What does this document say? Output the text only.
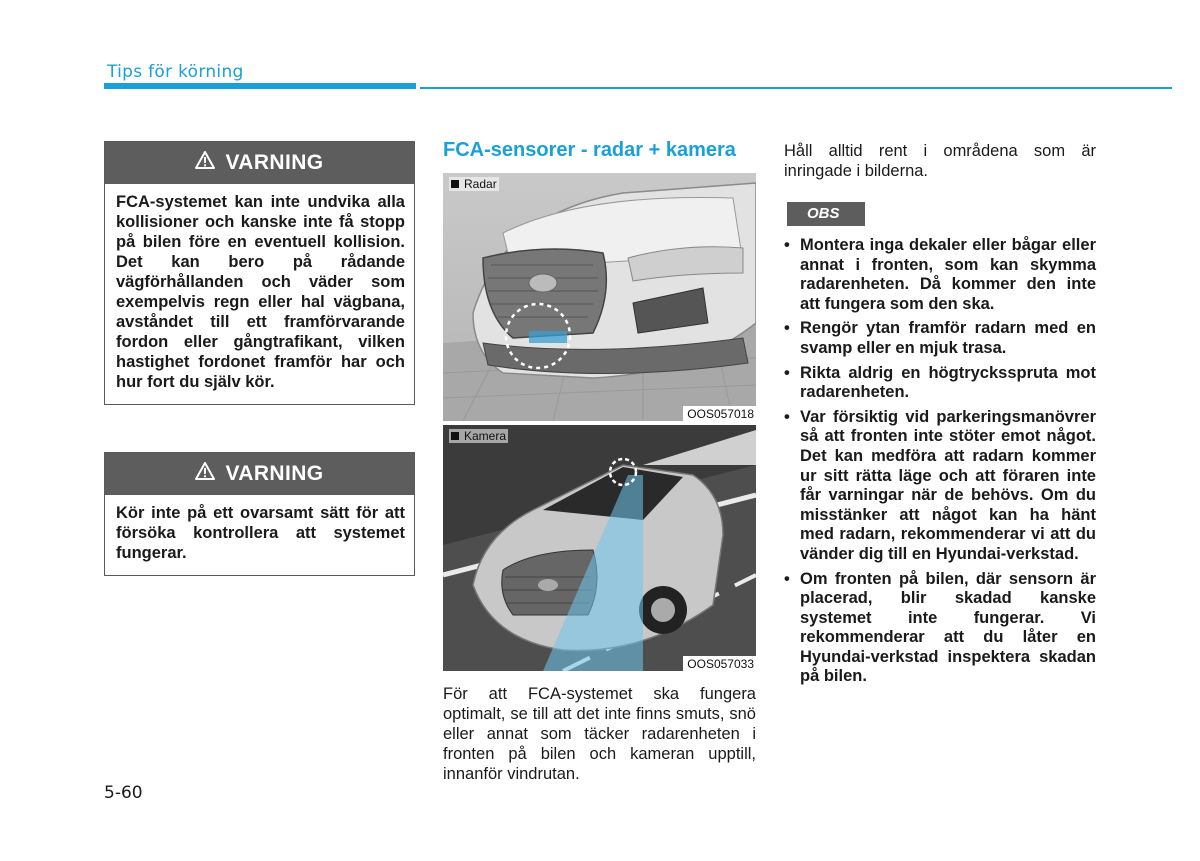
Tips för körning
VARNING
FCA-systemet kan inte undvika alla kollisioner och kanske inte få stopp på bilen före en eventuell kollision. Det kan bero på rådande vägförhållanden och väder som exempelvis regn eller hal vägbana, avståndet till ett framförvarande fordon eller gångtrafikant, vilken hastighet fordonet framför har och hur fort du själv kör.
VARNING
Kör inte på ett ovarsamt sätt för att försöka kontrollera att systemet fungerar.
FCA-sensorer - radar + kamera
Radar
OOS057018
Kamera
OOS057033
För att FCA-systemet ska fungera optimalt, se till att det inte finns smuts, snö eller annat som täcker radarenheten i fronten på bilen och kameran upptill, innanför vindrutan.
Håll alltid rent i områdena som är inringade i bilderna.
OBS
• Montera inga dekaler eller bågar eller annat i fronten, som kan skymma radarenheten. Då kommer den inte att fungera som den ska.
• Rengör ytan framför radarn med en svamp eller en mjuk trasa.
• Rikta aldrig en högtrycksspruta mot radarenheten.
• Var försiktig vid parkeringsmanövrer så att fronten inte stöter emot något. Det kan medföra att radarn kommer ur sitt rätta läge och att föraren inte får varningar när de behövs. Om du misstänker att något kan ha hänt med radarn, rekommenderar vi att du vänder dig till en Hyundai-verkstad.
• Om fronten på bilen, där sensorn är placerad, blir skadad kanske systemet inte fungerar. Vi rekommenderar att du låter en Hyundai-verkstad inspektera skadan på bilen.
5-60
